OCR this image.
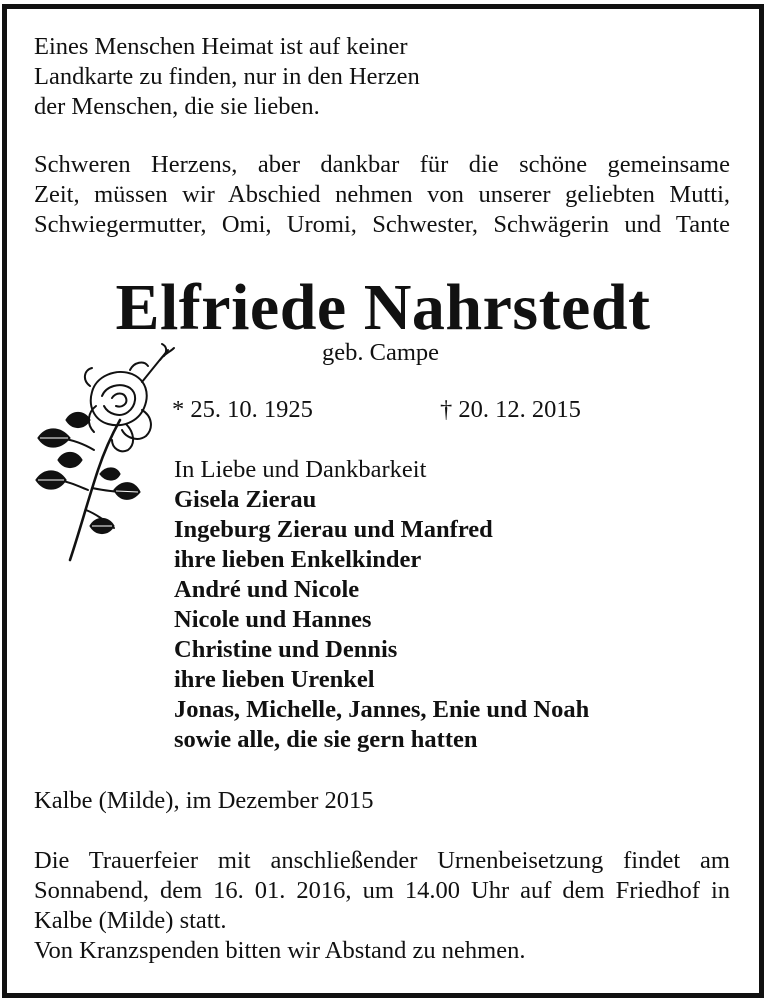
Eines Menschen Heimat ist auf keiner
Landkarte zu finden, nur in den Herzen
der Menschen, die sie lieben.
Schweren Herzens, aber dankbar für die schöne gemeinsame
Zeit, müssen wir Abschied nehmen von unserer geliebten Mutti,
Schwiegermutter, Omi, Uromi, Schwester, Schwägerin und Tante
Elfriede Nahrstedt
geb. Campe
* 25. 10. 1925	† 20. 12. 2015
In Liebe und Dankbarkeit
Gisela Zierau
Ingeburg Zierau und Manfred
ihre lieben Enkelkinder
André und Nicole
Nicole und Hannes
Christine und Dennis
ihre lieben Urenkel
Jonas, Michelle, Jannes, Enie und Noah
sowie alle, die sie gern hatten
Kalbe (Milde), im Dezember 2015
Die Trauerfeier mit anschließender Urnenbeisetzung findet am
Sonnabend, dem 16. 01. 2016, um 14.00 Uhr auf dem Friedhof in
Kalbe (Milde) statt.
Von Kranzspenden bitten wir Abstand zu nehmen.
